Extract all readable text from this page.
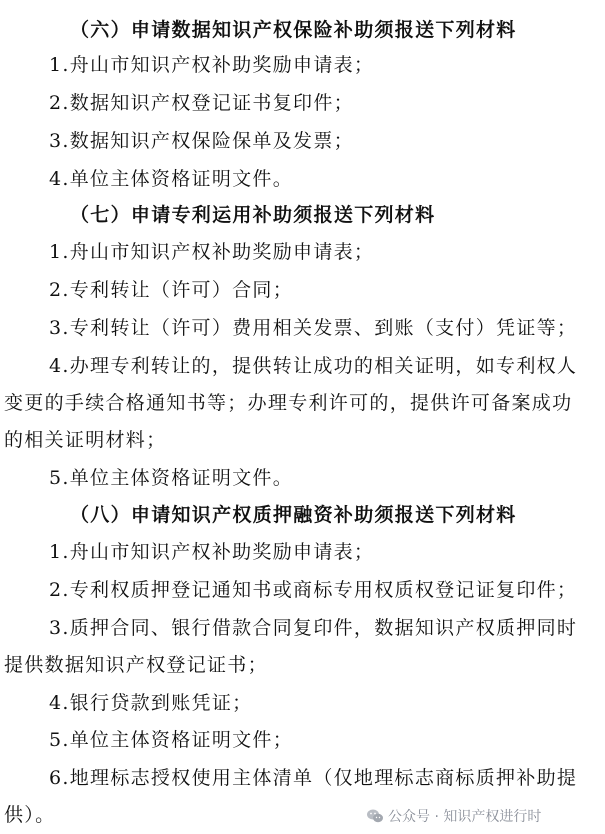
（六）申请数据知识产权保险补助须报送下列材料
1.舟山市知识产权补助奖励申请表；
2.数据知识产权登记证书复印件；
3.数据知识产权保险保单及发票；
4.单位主体资格证明文件。
（七）申请专利运用补助须报送下列材料
1.舟山市知识产权补助奖励申请表；
2.专利转让（许可）合同；
3.专利转让（许可）费用相关发票、到账（支付）凭证等；
4.办理专利转让的，提供转让成功的相关证明，如专利权人
变更的手续合格通知书等；办理专利许可的，提供许可备案成功
的相关证明材料；
5.单位主体资格证明文件。
（八）申请知识产权质押融资补助须报送下列材料
1.舟山市知识产权补助奖励申请表；
2.专利权质押登记通知书或商标专用权质权登记证复印件；
3.质押合同、银行借款合同复印件，数据知识产权质押同时
提供数据知识产权登记证书；
4.银行贷款到账凭证；
5.单位主体资格证明文件；
6.地理标志授权使用主体清单（仅地理标志商标质押补助提
供）。	公众号 · 知识产权进行时
